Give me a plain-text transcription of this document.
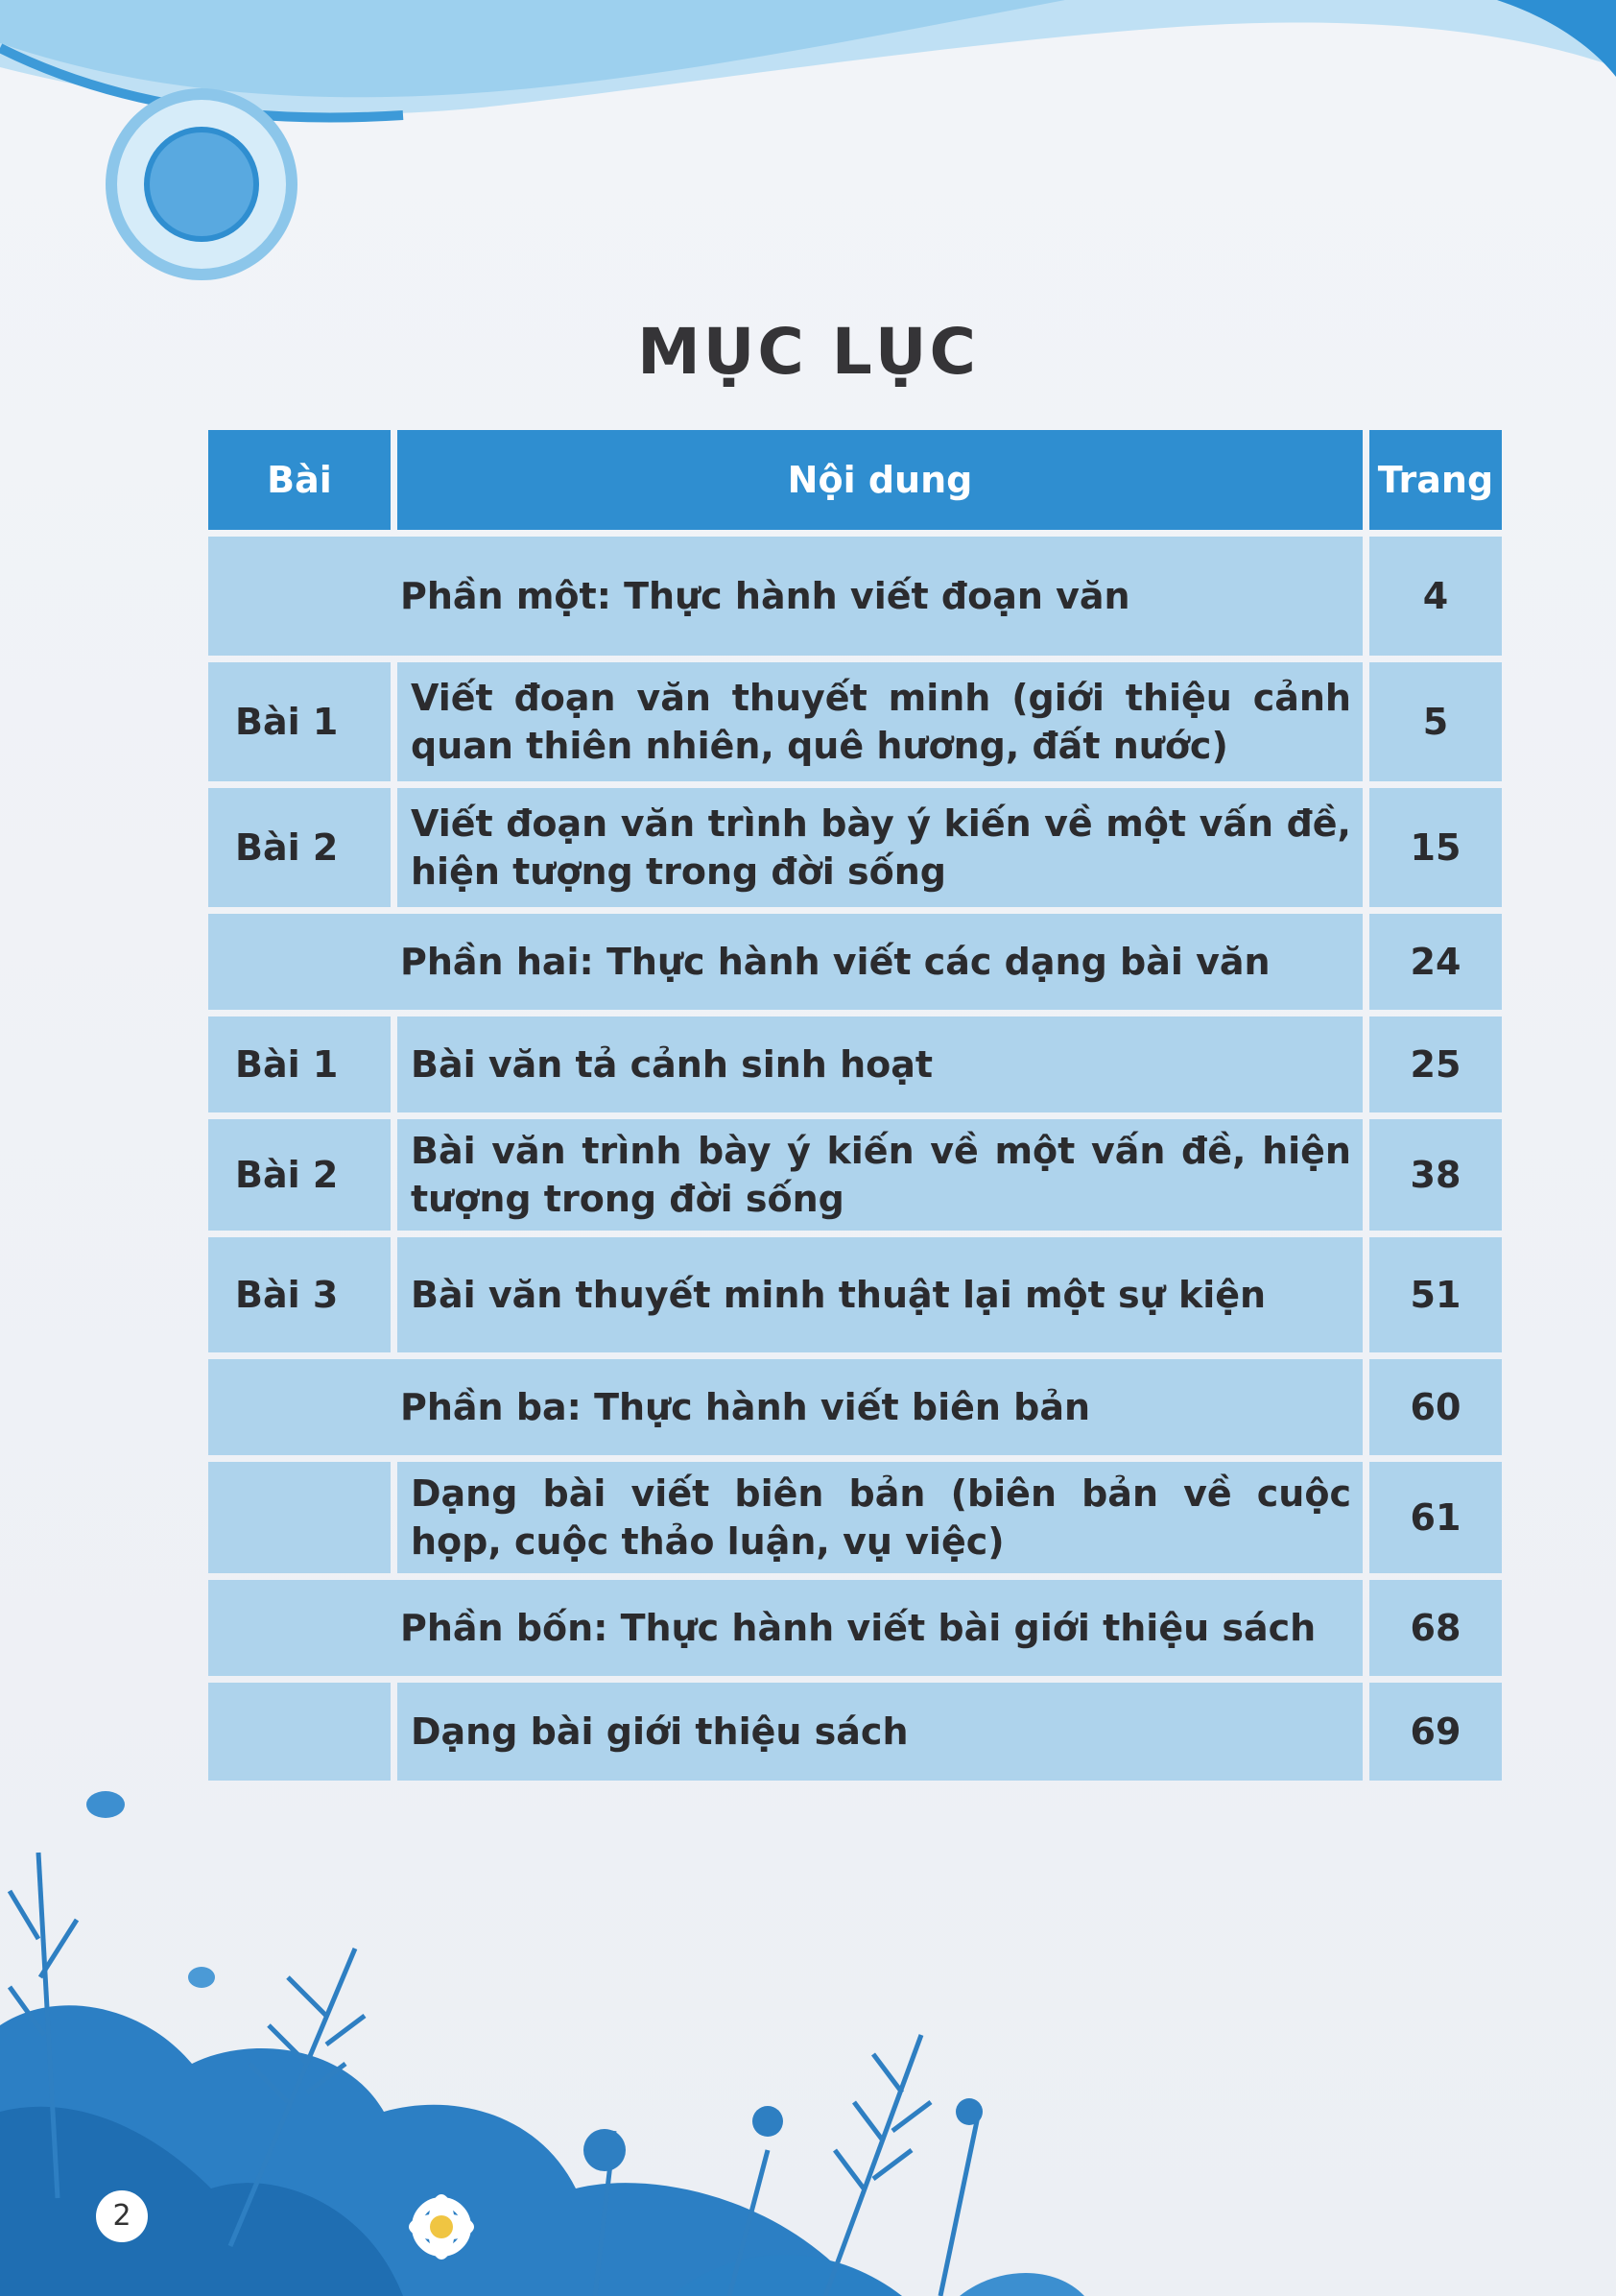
MỤC LỤC
Bài	Nội dung	Trang
Phần một: Thực hành viết đoạn văn		4
Bài 1	Viết đoạn văn thuyết minh (giới thiệu cảnh quan thiên nhiên, quê hương, đất nước)	5
Bài 2	Viết đoạn văn trình bày ý kiến về một vấn đề, hiện tượng trong đời sống	15
Phần hai: Thực hành viết các dạng bài văn		24
Bài 1	Bài văn tả cảnh sinh hoạt	25
Bài 2	Bài văn trình bày ý kiến về một vấn đề, hiện tượng trong đời sống	38
Bài 3	Bài văn thuyết minh thuật lại một sự kiện	51
Phần ba: Thực hành viết biên bản		60
	Dạng bài viết biên bản (biên bản về cuộc họp, cuộc thảo luận, vụ việc)	61
Phần bốn: Thực hành viết bài giới thiệu sách		68
	Dạng bài giới thiệu sách	69
2
